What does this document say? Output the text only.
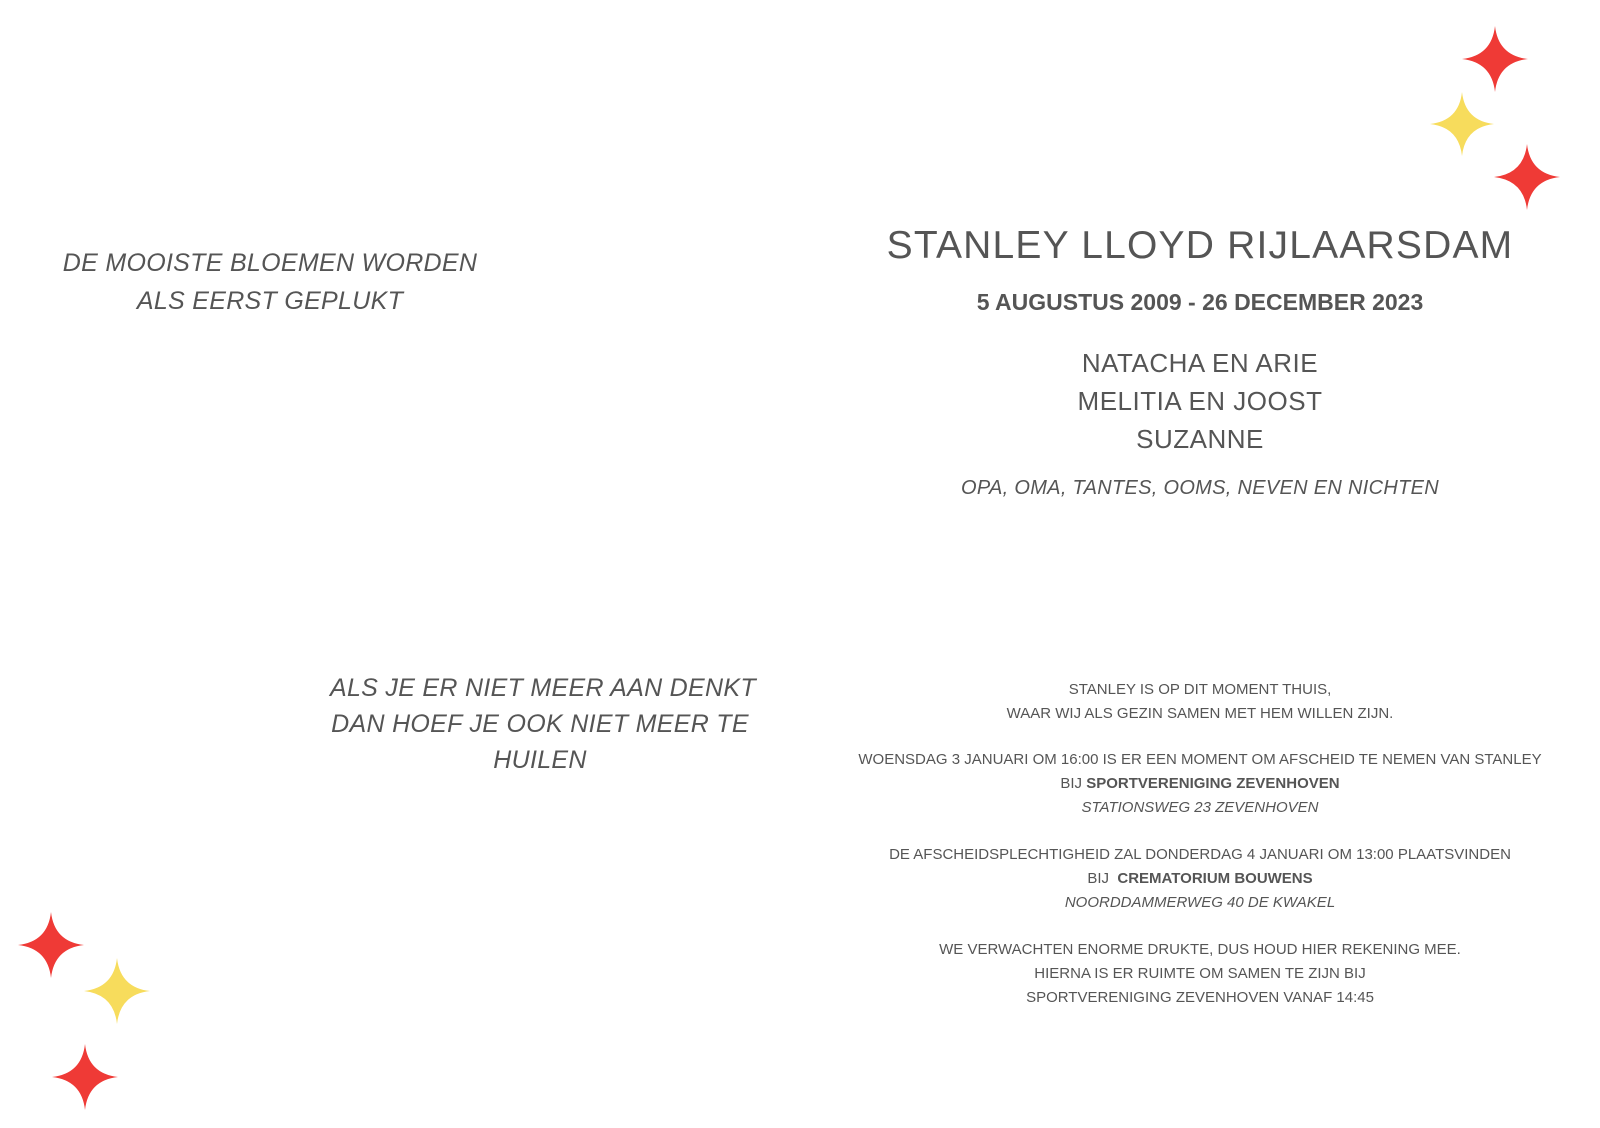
DE MOOISTE BLOEMEN WORDEN
ALS EERST GEPLUKT
ALS JE ER NIET MEER AAN DENKT
DAN HOEF JE OOK NIET MEER TE
HUILEN
STANLEY LLOYD RIJLAARSDAM
5 AUGUSTUS 2009 - 26 DECEMBER 2023
NATACHA EN ARIE
MELITIA EN JOOST
SUZANNE
OPA, OMA, TANTES, OOMS, NEVEN EN NICHTEN
STANLEY IS OP DIT MOMENT THUIS,
WAAR WIJ ALS GEZIN SAMEN MET HEM WILLEN ZIJN.
WOENSDAG 3 JANUARI OM 16:00 IS ER EEN MOMENT OM AFSCHEID TE NEMEN VAN STANLEY
BIJ SPORTVERENIGING ZEVENHOVEN
STATIONSWEG 23 ZEVENHOVEN
DE AFSCHEIDSPLECHTIGHEID ZAL DONDERDAG 4 JANUARI OM 13:00 PLAATSVINDEN
BIJ CREMATORIUM BOUWENS
NOORDDAMMERWEG 40 DE KWAKEL
WE VERWACHTEN ENORME DRUKTE, DUS HOUD HIER REKENING MEE.
HIERNA IS ER RUIMTE OM SAMEN TE ZIJN BIJ
SPORTVERENIGING ZEVENHOVEN VANAF 14:45
